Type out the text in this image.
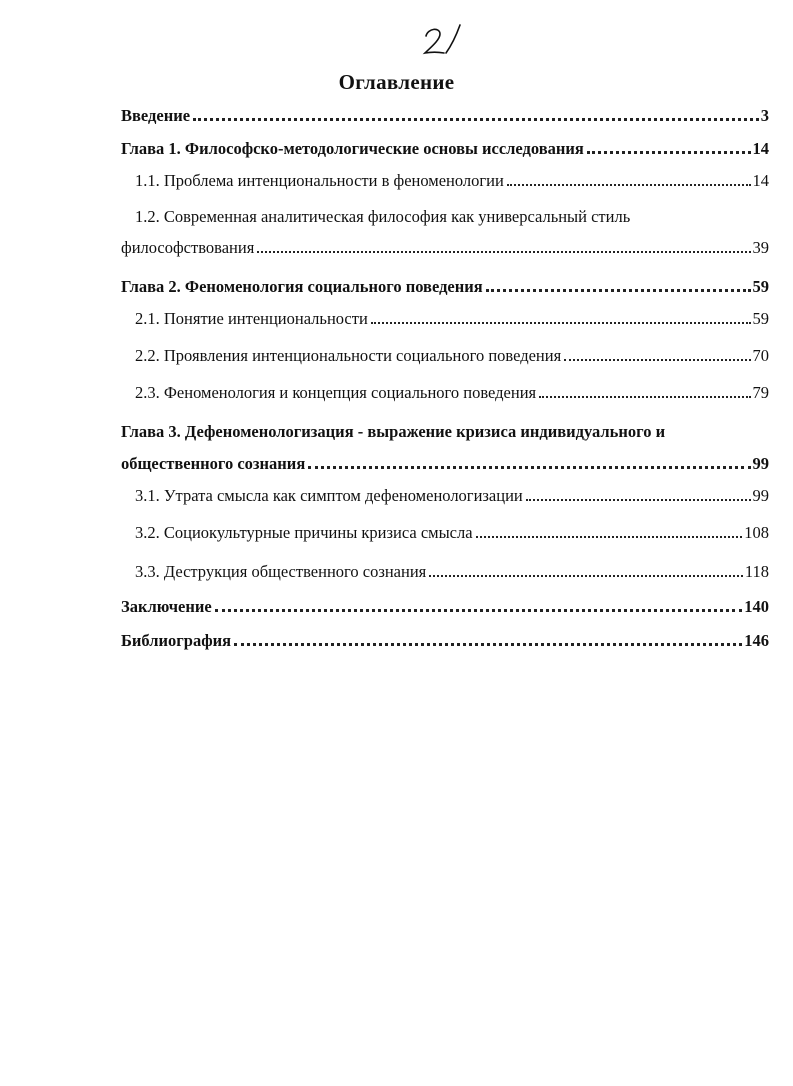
Оглавление
Введение	3
Глава 1. Философско-методологические основы исследования	14
1.1. Проблема интенциональности в феноменологии	14
1.2. Современная аналитическая философия как универсальный стиль
философствования	39
Глава 2. Феноменология социального поведения	59
2.1. Понятие интенциональности	59
2.2. Проявления интенциональности социального поведения	70
2.3. Феноменология и концепция социального поведения	79
Глава 3. Дефеноменологизация - выражение кризиса индивидуального и
общественного сознания	99
3.1. Утрата смысла как симптом дефеноменологизации	99
3.2. Социокультурные причины кризиса смысла	108
3.3. Деструкция общественного сознания	118
Заключение	140
Библиография	146
